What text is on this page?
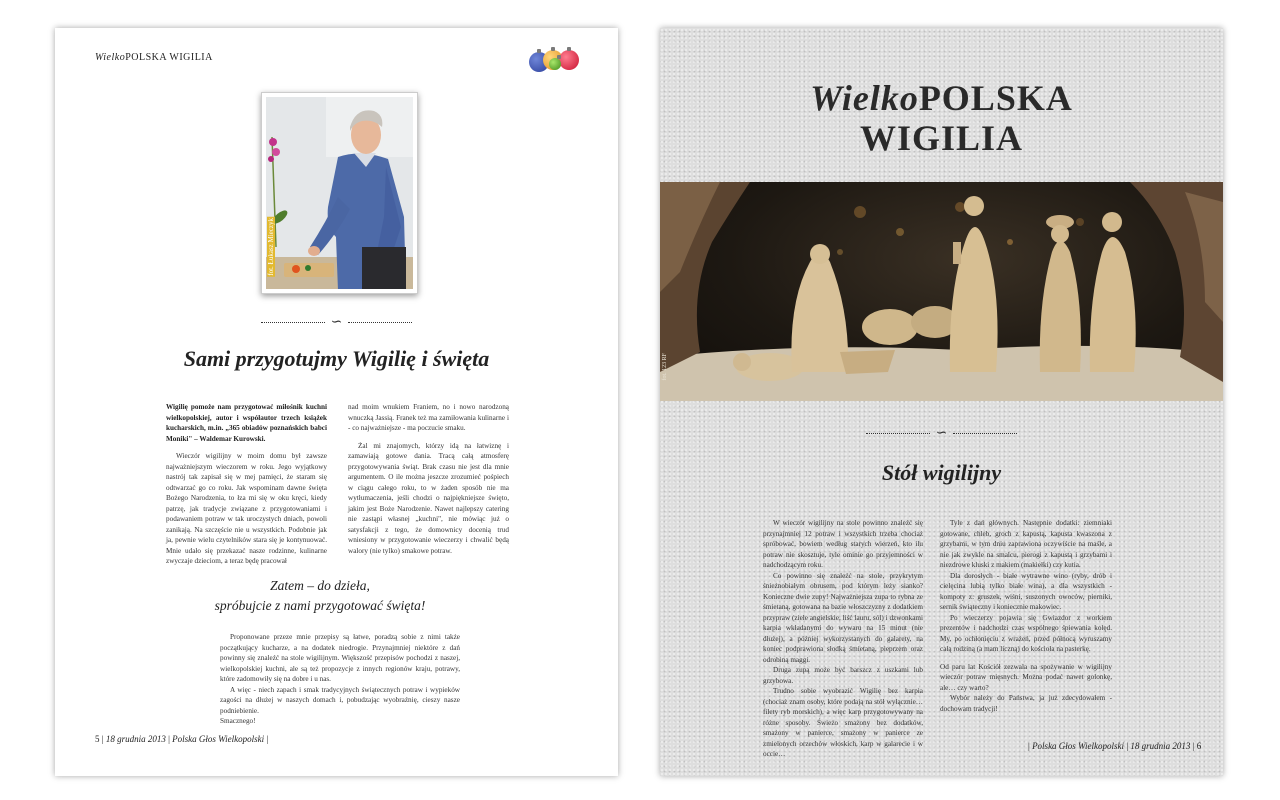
WielkoPOLSKA WIGILIA
fot. Łukasz Mieczyk
∽
Sami przygotujmy Wigilię i święta

Wigilię pomoże nam przygotować miłośnik kuchni wielkopolskiej, autor i współautor trzech książek kucharskich, m.in. „365 obiadów poznańskich babci Moniki" – Waldemar Kurowski.

Wieczór wigilijny w moim domu był zawsze najważniejszym wieczorem w roku. Jego wyjątkowy nastrój tak zapisał się w mej pamięci, że staram się odtwarzać go co roku. Jak wspominam dawne święta Bożego Narodzenia, to łza mi się w oku kręci, kiedy patrzę, jak tradycje związane z przygotowaniami i podawaniem potraw w tak uroczystych dniach, powoli zanikają. Na szczęście nie u wszystkich. Podobnie jak ja, pewnie wielu czytelników stara się je kontynuować. Mnie udało się przekazać nasze rodzinne, kulinarne zwyczaje dzieciom, a teraz będę pracował

nad moim wnukiem Franiem, no i nowo narodzoną wnuczką Jassią. Franek też ma zamiłowania kulinarne i - co najważniejsze - ma poczucie smaku.

Żal mi znajomych, którzy idą na łatwiznę i zamawiają gotowe dania. Tracą całą atmosferę przygotowywania świąt. Brak czasu nie jest dla mnie argumentem. O ile można jeszcze zrozumieć pośpiech w ciągu całego roku, to w żaden sposób nie ma wytłumaczenia, jeśli chodzi o najpiękniejsze święto, jakim jest Boże Narodzenie. Nawet najlepszy catering nie zastąpi własnej „kuchni", nie mówiąc już o satysfakcji z tego, że domownicy docenią trud wniesiony w przygotowanie wieczerzy i chwalić będą walory (nie tylko) smakowe potraw.

Zatem – do dzieła,
spróbujcie z nami przygotować święta!

Proponowane przeze mnie przepisy są łatwe, poradzą sobie z nimi także początkujący kucharze, a na dodatek niedrogie. Przynajmniej niektóre z dań powinny się znaleźć na stole wigilijnym. Większość przepisów pochodzi z naszej, wielkopolskiej kuchni, ale są też propozycje z innych regionów kraju, potrawy, które zadomowiły się na dobre i u nas.

A więc - niech zapach i smak tradycyjnych świątecznych potraw i wypieków zagości na dłużej w naszych domach i, pobudzając wyobraźnię, cieszy nasze podniebienie.

Smacznego!

5 | 18 grudnia 2013 | Polska Głos Wielkopolski |
WielkoPOLSKA
WIGILIA
fot. 123 RF
∽
Stół wigilijny

W wieczór wigilijny na stole powinno znaleźć się przynajmniej 12 potraw i wszystkich trzeba chociaż spróbować, bowiem według starych wierzeń, kto ilu potraw nie skosztuje, tyle ominie go przyjemności w nadchodzącym roku.

Co powinno się znaleźć na stole, przykrytym śnieżnobiałym obrusem, pod którym leży sianko? Konieczne dwie zupy! Najważniejsza zupa to rybna ze śmietaną, gotowana na bazie włoszczyzny z dodatkiem przypraw (ziele angielskie, liść lauru, sól) i dzwonkami karpia wkładanymi do wywaru na 15 minut (nie dłużej), a później wykorzystanych do galarety, na koniec podprawiona słodką śmietaną, pieprzem oraz odrobiną maggi.

Druga zupą może być barszcz z uszkami lub grzybowa.

Trudno sobie wyobrazić Wigilię bez karpia (chociaż znam osoby, które podają na stół wyłącznie… filety ryb morskich), a więc karp przygotowywany na różne sposoby. Świeżo smażony bez dodatków, smażony w panierce, smażony w panierce ze zmielonych orzechów włoskich, karp w galarecie i w occie…

Tyle z dań głównych. Następnie dodatki: ziemniaki gotowane, chleb, groch z kapustą, kapusta kwaszona z grzybami, w tym dniu zaprawiona oczywiście na maśle, a nie jak zwykle na smalcu, pierogi z kapustą i grzybami i niezdrowe kluski z makiem (makiełki) czy kutia.

Dla dorosłych - białe wytrawne wino (ryby, drób i cielęcina lubią tylko białe wina), a dla wszystkich - kompoty z: gruszek, wiśni, suszonych owoców, pierniki, sernik świąteczny i koniecznie makowiec.

Po wieczerzy pojawia się Gwiazdor z workiem prezentów i nadchodzi czas wspólnego śpiewania kolęd. My, po ochłonięciu z wrażeń, przed północą wyruszamy całą rodziną (a mam liczną) do kościoła na pasterkę.

Od paru lat Kościół zezwala na spożywanie w wigilijny wieczór potraw mięsnych. Można podać nawet golonkę, ale… czy warto?

Wybór należy do Państwa, ja już zdecydowałem - dochowam tradycji!

| Polska Głos Wielkopolski | 18 grudnia 2013 | 6
